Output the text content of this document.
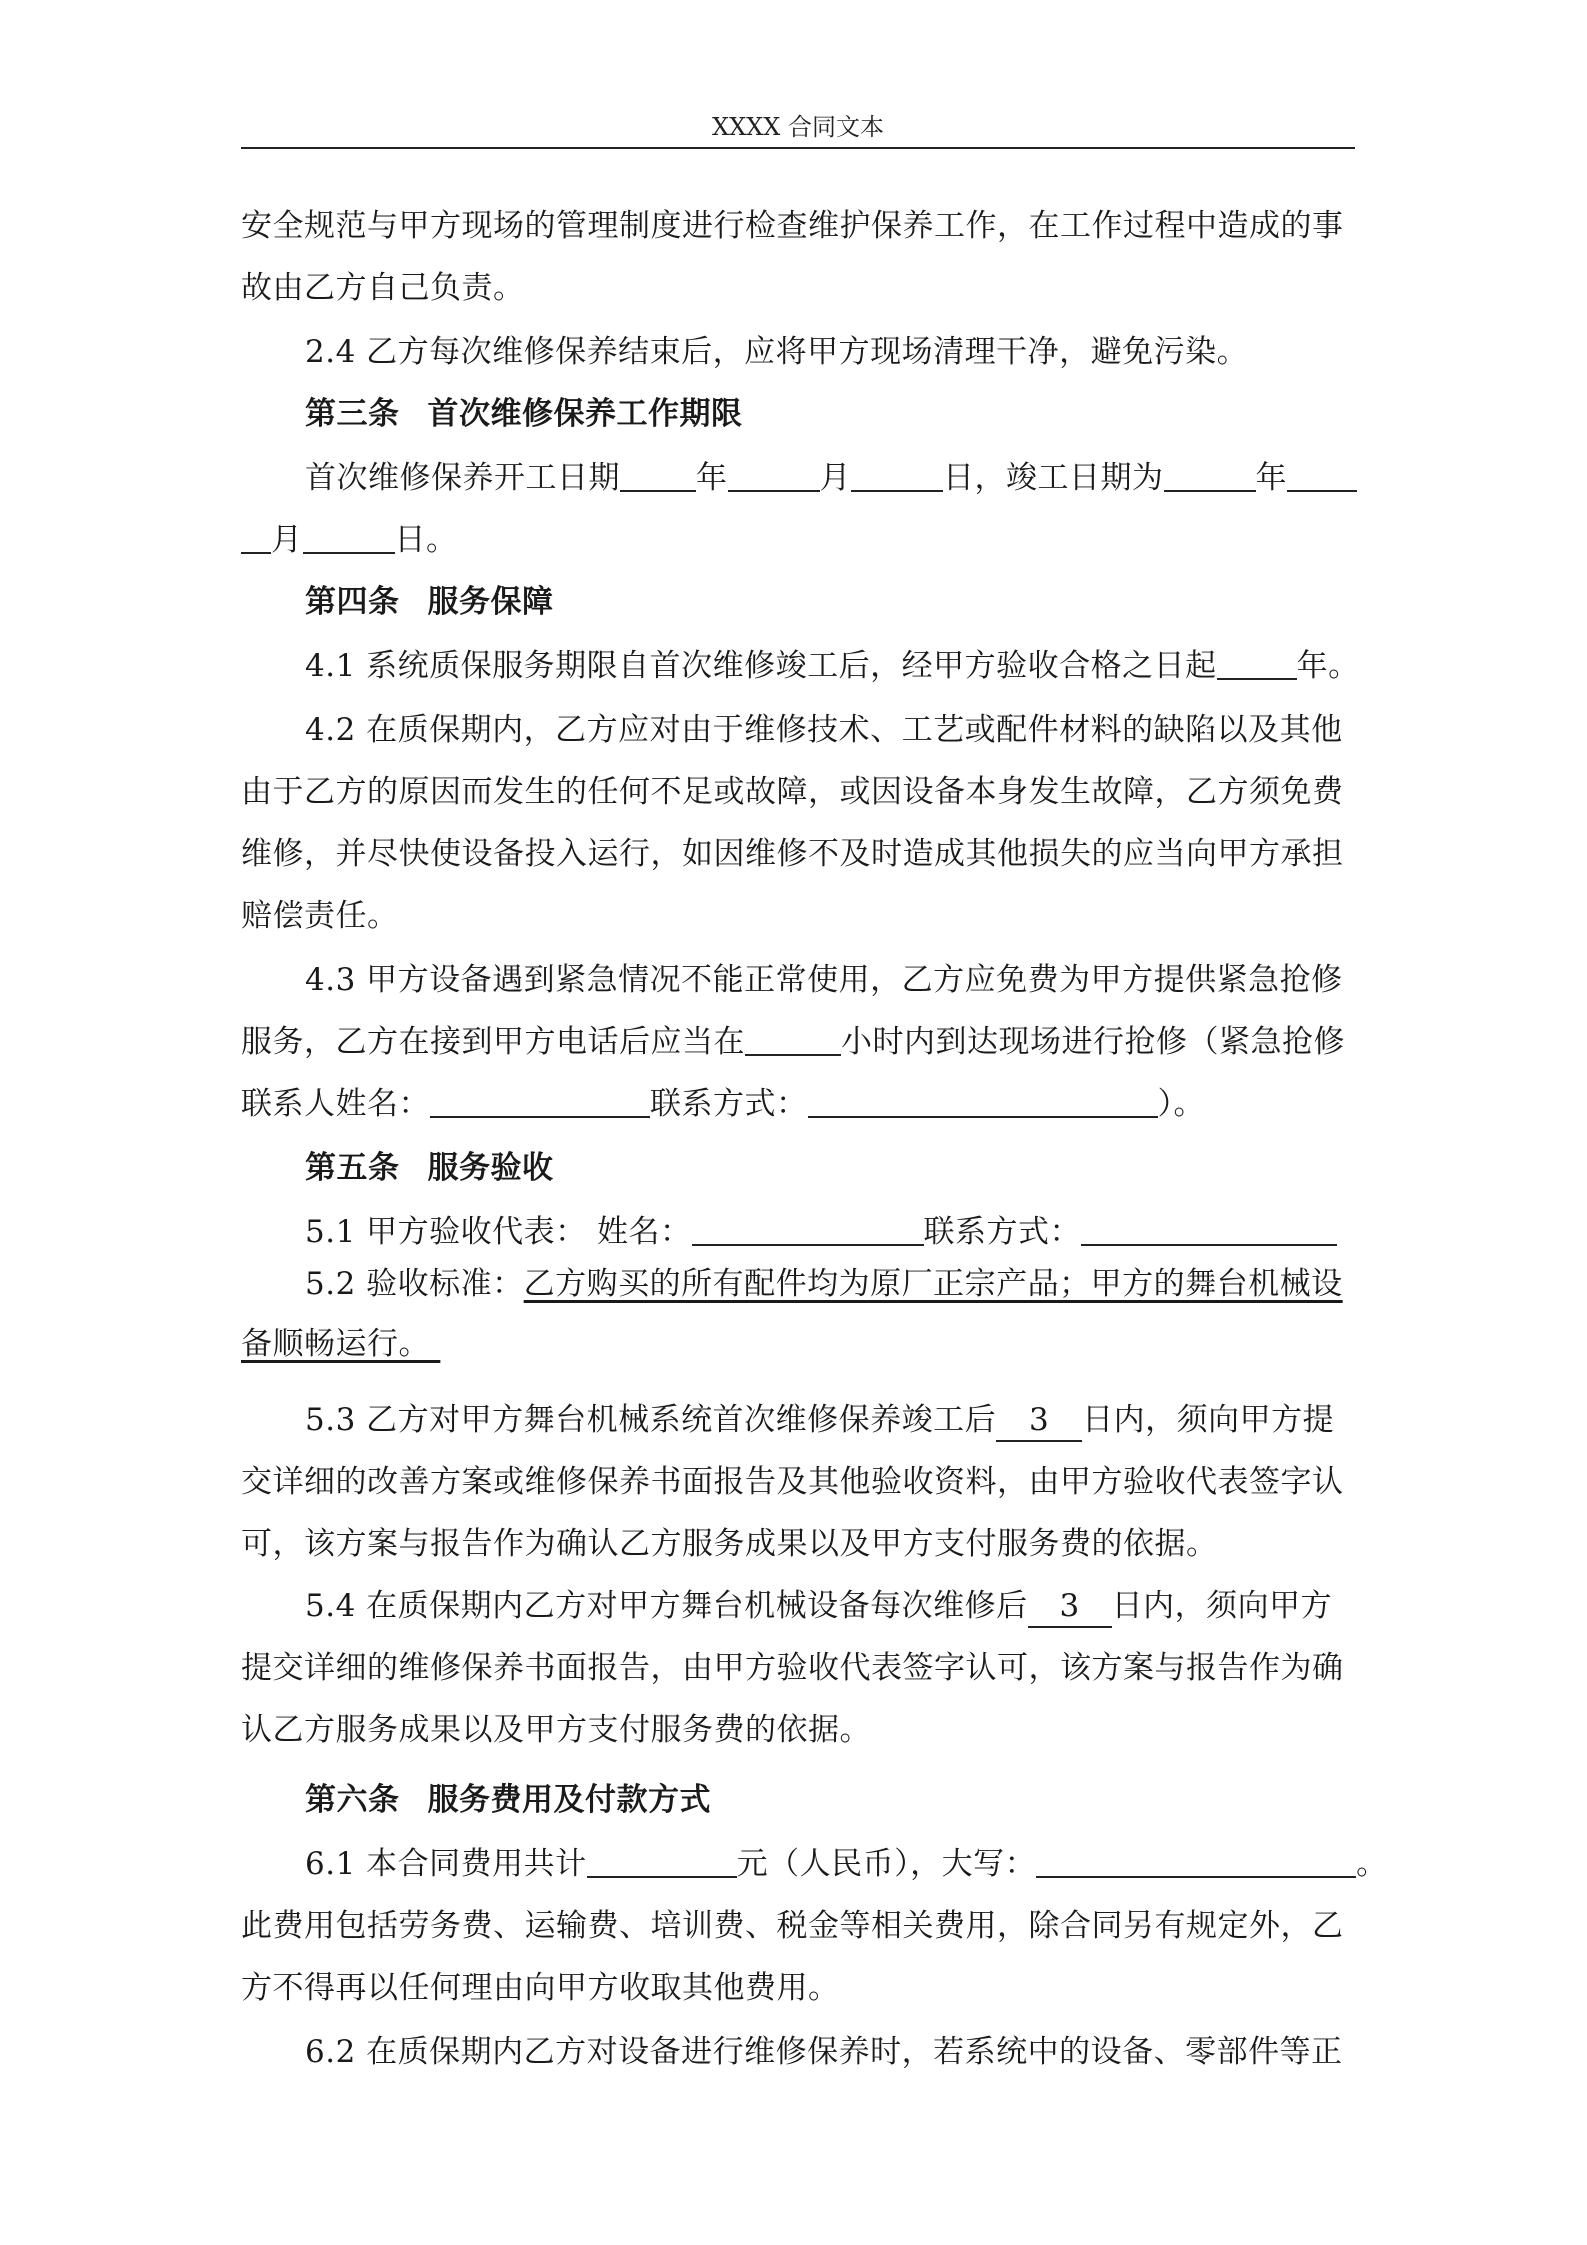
XXXX 合同文本
安全规范与甲方现场的管理制度进行检查维护保养工作，在工作过程中造成的事
故由乙方自己负责。
2.4 乙方每次维修保养结束后，应将甲方现场清理干净，避免污染。
第三条 首次维修保养工作期限
首次维修保养开工日期 年	月	日，竣工日期为	年
月	日。
第四条 服务保障
4.1 系统质保服务期限自首次维修竣工后，经甲方验收合格之日起	年。
4.2 在质保期内，乙方应对由于维修技术、工艺或配件材料的缺陷以及其他
由于乙方的原因而发生的任何不足或故障，或因设备本身发生故障，乙方须免费
维修，并尽快使设备投入运行，如因维修不及时造成其他损失的应当向甲方承担
赔偿责任。
4.3 甲方设备遇到紧急情况不能正常使用，乙方应免费为甲方提供紧急抢修
服务，乙方在接到甲方电话后应当在	小时内到达现场进行抢修（紧急抢修
联系人姓名：	联系方式：	）。
第五条 服务验收
5.1 甲方验收代表： 姓名：	联系方式：
5.2 验收标准：乙方购买的所有配件均为原厂正宗产品；甲方的舞台机械设
备顺畅运行。
5.3 乙方对甲方舞台机械系统首次维修保养竣工后 3 日内，须向甲方提
交详细的改善方案或维修保养书面报告及其他验收资料，由甲方验收代表签字认
可，该方案与报告作为确认乙方服务成果以及甲方支付服务费的依据。
5.4 在质保期内乙方对甲方舞台机械设备每次维修后 3 日内，须向甲方
提交详细的维修保养书面报告，由甲方验收代表签字认可，该方案与报告作为确
认乙方服务成果以及甲方支付服务费的依据。
第六条 服务费用及付款方式
6.1 本合同费用共计	元（人民币），大写：	。
此费用包括劳务费、运输费、培训费、税金等相关费用，除合同另有规定外，乙
方不得再以任何理由向甲方收取其他费用。
6.2 在质保期内乙方对设备进行维修保养时，若系统中的设备、零部件等正
